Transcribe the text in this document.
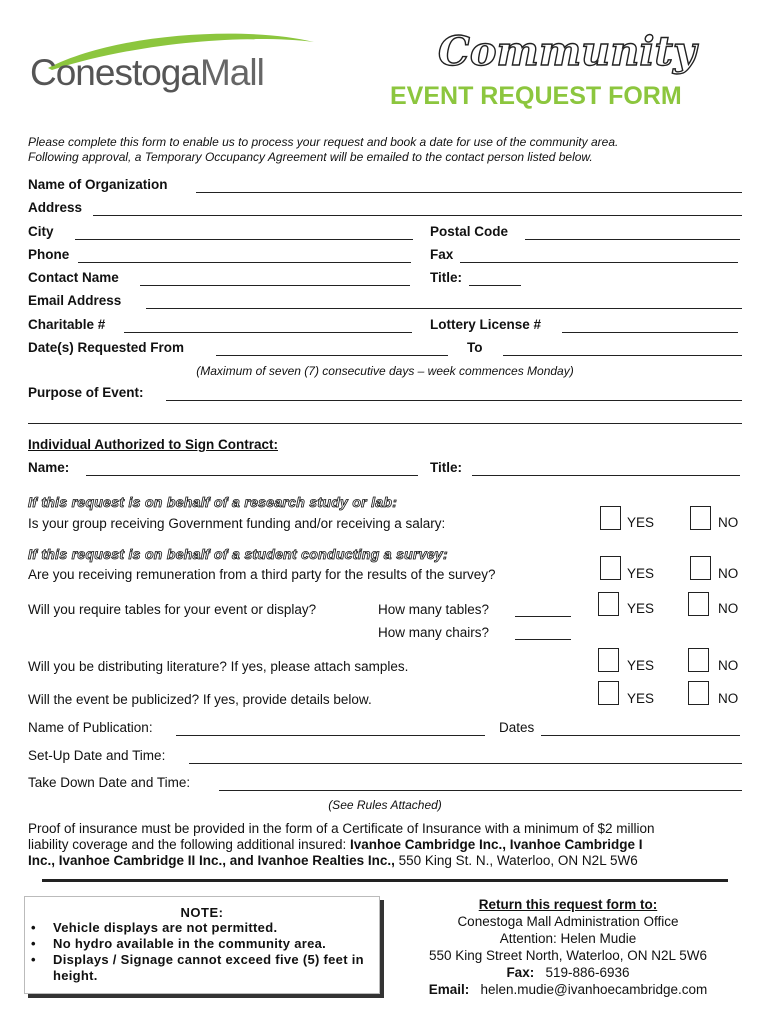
ConestogaMall	Community
EVENT REQUEST FORM
Please complete this form to enable us to process your request and book a date for use of the community area.
Following approval, a Temporary Occupancy Agreement will be emailed to the contact person listed below.
Name of Organization
Address
City	Postal Code
Phone	Fax
Contact Name	Title:
Email Address
Charitable #	Lottery License #
Date(s) Requested From	To
(Maximum of seven (7) consecutive days – week commences Monday)
Purpose of Event:
Individual Authorized to Sign Contract:
Name:	Title:
If this request is on behalf of a research study or lab:
Is your group receiving Government funding and/or receiving a salary:	YES	NO
If this request is on behalf of a student conducting a survey:
Are you receiving remuneration from a third party for the results of the survey?	YES	NO
Will you require tables for your event or display?	How many tables?	YES	NO
How many chairs?
Will you be distributing literature? If yes, please attach samples.	YES	NO
Will the event be publicized? If yes, provide details below.	YES	NO
Name of Publication:	Dates
Set-Up Date and Time:
Take Down Date and Time:
(See Rules Attached)
Proof of insurance must be provided in the form of a Certificate of Insurance with a minimum of $2 million
liability coverage and the following additional insured: Ivanhoe Cambridge Inc., Ivanhoe Cambridge I
Inc., Ivanhoe Cambridge II Inc., and Ivanhoe Realties Inc., 550 King St. N., Waterloo, ON N2L 5W6
NOTE:
• Vehicle displays are not permitted.
• No hydro available in the community area.
• Displays / Signage cannot exceed five (5) feet in height.
Return this request form to:
Conestoga Mall Administration Office
Attention: Helen Mudie
550 King Street North, Waterloo, ON N2L 5W6
Fax: 519-886-6936
Email: helen.mudie@ivanhoecambridge.com
